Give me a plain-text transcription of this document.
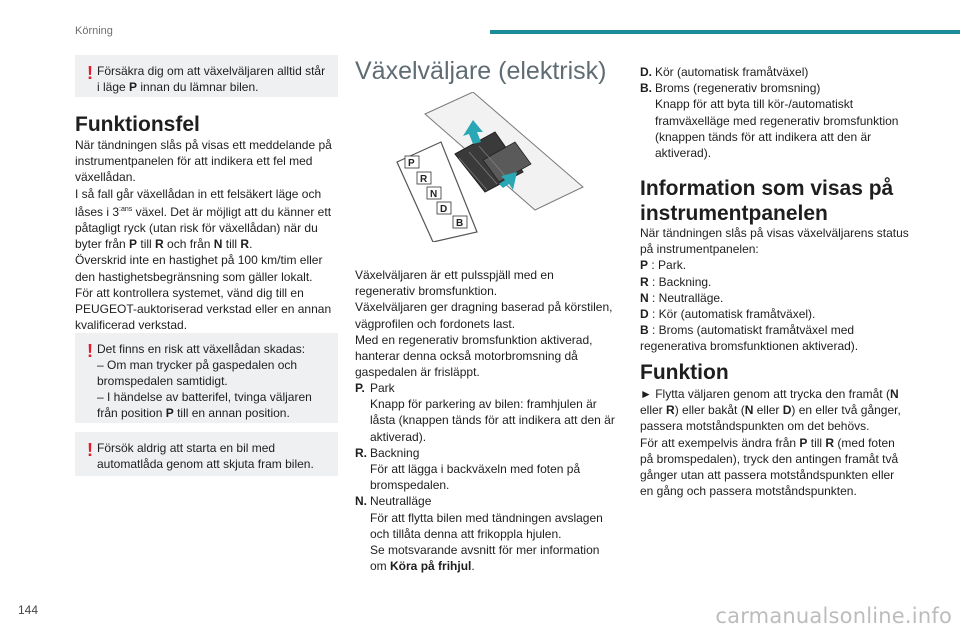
Körning
! Försäkra dig om att växelväljaren alltid står i läge P innan du lämnar bilen.
Funktionsfel
När tändningen slås på visas ett meddelande på instrumentpanelen för att indikera ett fel med växellådan.
I så fall går växellådan in ett felsäkert läge och låses i $3^{:ans}$ växel. Det är möjligt att du känner ett påtagligt ryck (utan risk för växellådan) när du byter från P till R och från N till R.
Överskrid inte en hastighet på 100 km/tim eller den hastighetsbegränsning som gäller lokalt.
För att kontrollera systemet, vänd dig till en PEUGEOT-auktoriserad verkstad eller en annan kvalificerad verkstad.
! Det finns en risk att växellådan skadas:
– Om man trycker på gaspedalen och bromspedalen samtidigt.
– I händelse av batterifel, tvinga väljaren från position P till en annan position.
! Försök aldrig att starta en bil med automatlåda genom att skjuta fram bilen.
Växelväljare (elektrisk)
P
R
N
D
B
Växelväljaren är ett pulsspjäll med en regenerativ bromsfunktion.
Växelväljaren ger dragning baserad på körstilen, vägprofilen och fordonets last.
Med en regenerativ bromsfunktion aktiverad, hanterar denna också motorbromsning då gaspedalen är frisläppt.
P. Park
Knapp för parkering av bilen: framhjulen är låsta (knappen tänds för att indikera att den är aktiverad).
R. Backning
För att lägga i backväxeln med foten på bromspedalen.
N. Neutralläge
För att flytta bilen med tändningen avslagen och tillåta denna att frikoppla hjulen.
Se motsvarande avsnitt för mer information om Köra på frihjul.
D. Kör (automatisk framåtväxel)
B. Broms (regenerativ bromsning)
Knapp för att byta till kör-/automatiskt framväxelläge med regenerativ bromsfunktion (knappen tänds för att indikera att den är aktiverad).
Information som visas på instrumentpanelen
När tändningen slås på visas växelväljarens status på instrumentpanelen:
P : Park.
R : Backning.
N : Neutralläge.
D : Kör (automatisk framåtväxel).
B : Broms (automatiskt framåtväxel med regenerativa bromsfunktionen aktiverad).
Funktion
► Flytta väljaren genom att trycka den framåt (N eller R) eller bakåt (N eller D) en eller två gånger, passera motståndspunkten om det behövs.
För att exempelvis ändra från P till R (med foten på bromspedalen), tryck den antingen framåt två gånger utan att passera motståndspunkten eller en gång och passera motståndspunkten.
144	carmanualsonline.info
